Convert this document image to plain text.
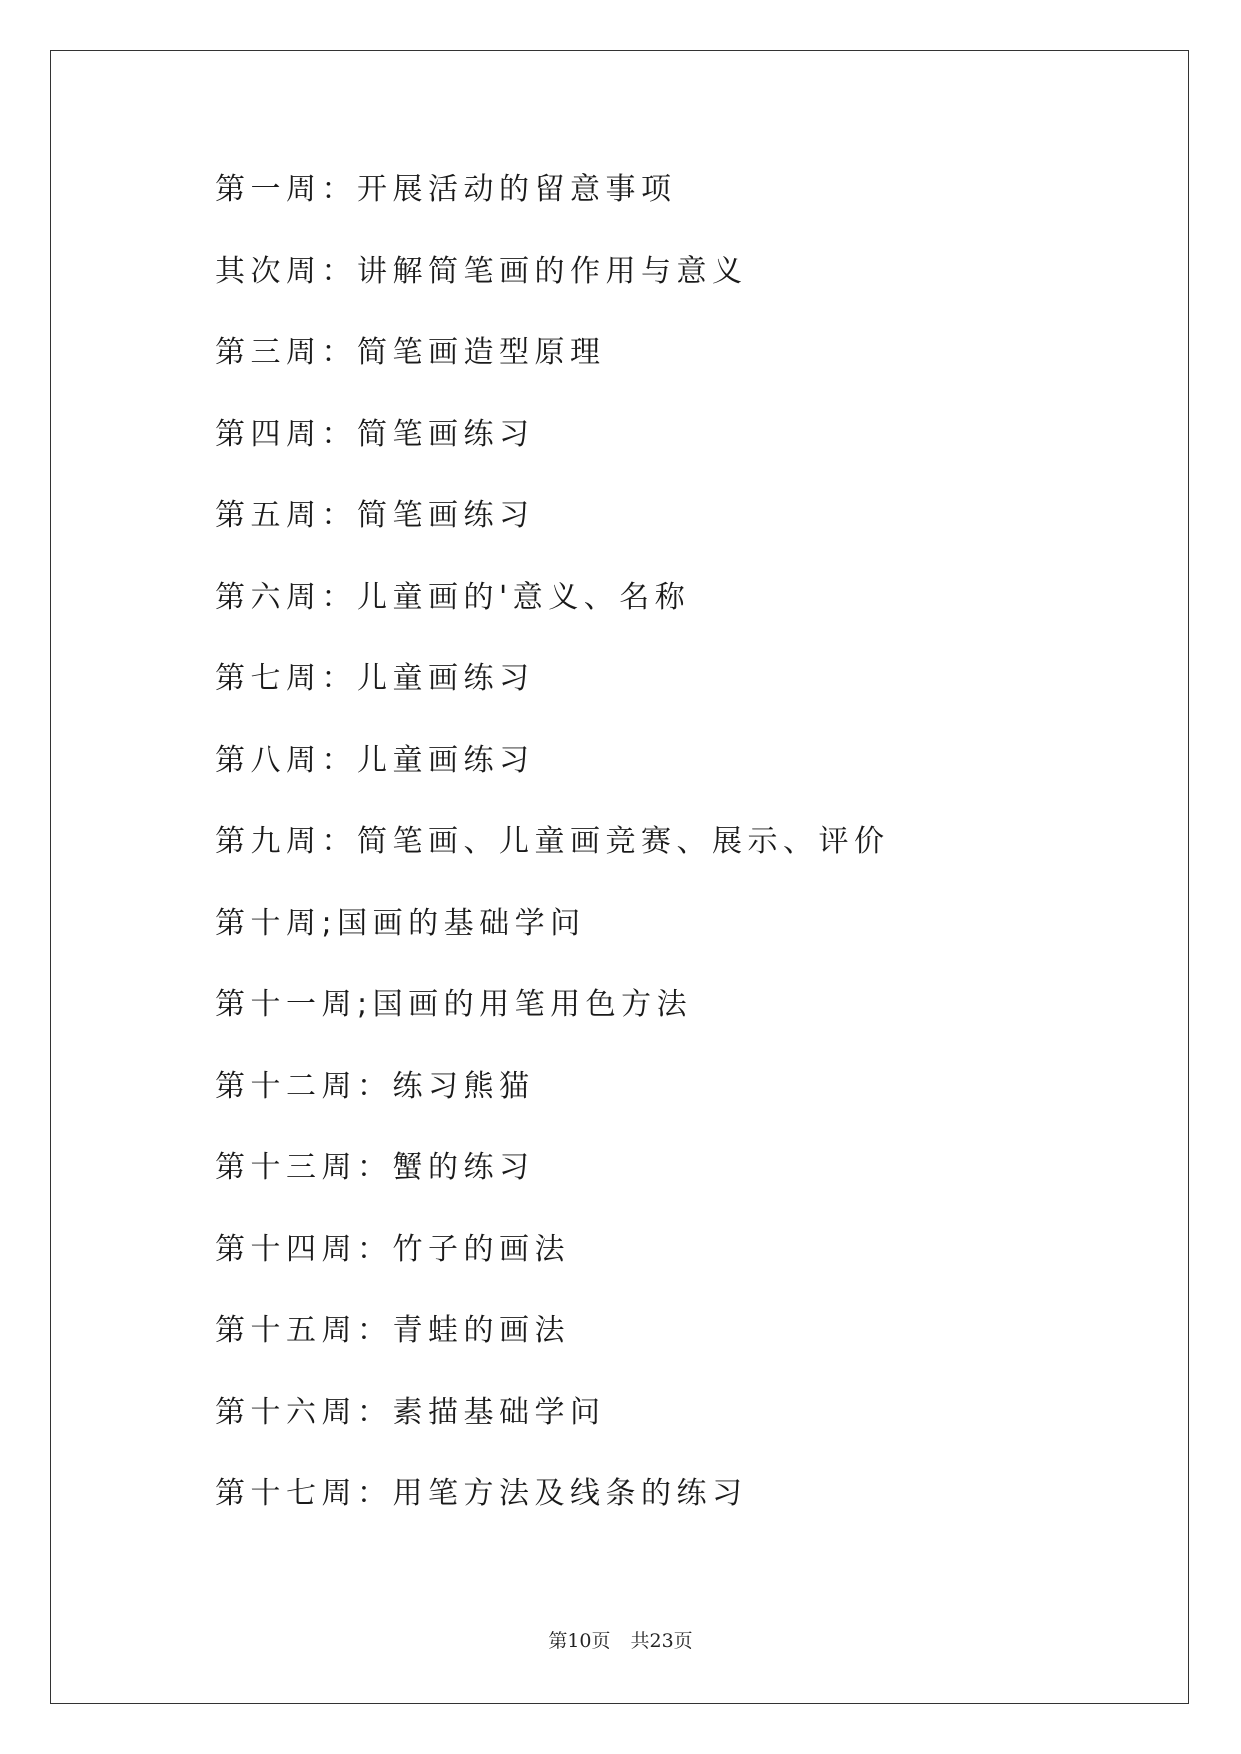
第一周：开展活动的留意事项
其次周：讲解简笔画的作用与意义
第三周：简笔画造型原理
第四周：简笔画练习
第五周：简笔画练习
第六周：儿童画的'意义、名称
第七周：儿童画练习
第八周：儿童画练习
第九周：简笔画、儿童画竞赛、展示、评价
第十周;国画的基础学问
第十一周;国画的用笔用色方法
第十二周：练习熊猫
第十三周：蟹的练习
第十四周：竹子的画法
第十五周：青蛙的画法
第十六周：素描基础学问
第十七周：用笔方法及线条的练习
第10页 共23页
